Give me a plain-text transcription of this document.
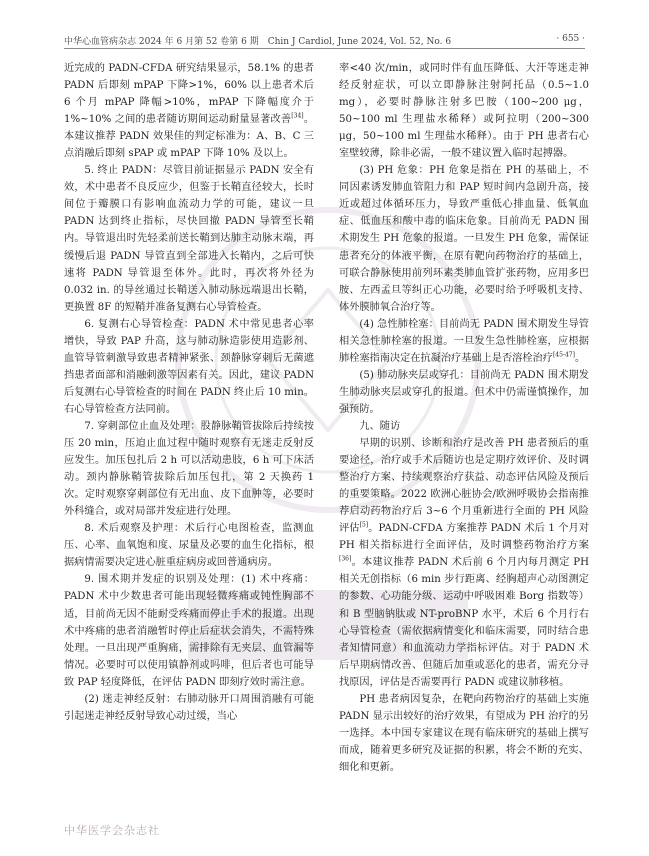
中华心血管病杂志 2024 年 6 月第 52 卷第 6 期　Chin J Cardiol, June 2024, Vol. 52, No. 6	· 655 ·

近完成的 PADN-CFDA 研究结果显示，58.1% 的患者 PADN 后即刻 mPAP 下降>1%，60% 以上患者术后 6 个月 mPAP 降幅>10%，mPAP 下降幅度介于 1%~10% 之间的患者随访期间运动耐量显著改善[34]。本建议推荐 PADN 效果佳的判定标准为：A、B、C 三点消融后即刻 sPAP 或 mPAP 下降 10% 及以上。

5. 终止 PADN：尽管目前证据显示 PADN 安全有效，术中患者不良反应少，但鉴于长鞘直径较大，长时间位于瓣膜口有影响血流动力学的可能，建议一旦 PADN 达到终止指标，尽快回撤 PADN 导管至长鞘内。导管退出时先轻柔前送长鞘到达肺主动脉末端，再缓慢后退 PADN 导管直到全部进入长鞘内，之后可快速将 PADN 导管退至体外。此时，再次将外径为 0.032 in. 的导丝通过长鞘送入肺动脉远端退出长鞘，更换置 8F 的短鞘并准备复测右心导管检查。

6. 复测右心导管检查：PADN 术中常见患者心率增快，导致 PAP 升高，这与肺动脉造影使用造影剂、血管导管刺激导致患者精神紧张、颈静脉穿刺后无菌遮挡患者面部和消融刺激等因素有关。因此，建议 PADN 后复测右心导管检查的时间在 PADN 终止后 10 min。右心导管检查方法同前。

7. 穿刺部位止血及处理：股静脉鞘管拔除后持续按压 20 min，压迫止血过程中随时观察有无迷走反射反应发生。加压包扎后 2 h 可以活动患肢，6 h 可下床活动。颈内静脉鞘管拔除后加压包扎，第 2 天换药 1 次。定时观察穿刺部位有无出血、皮下血肿等，必要时外科缝合，或对局部并发症进行处理。

8. 术后观察及护理：术后行心电图检查，监测血压、心率、血氧饱和度、尿量及必要的血生化指标，根据病情需要决定进心脏重症病房或回普通病房。

9. 围术期并发症的识别及处理：(1) 术中疼痛：PADN 术中少数患者可能出现轻微疼痛或钝性胸部不适，目前尚无因不能耐受疼痛而停止手术的报道。出现术中疼痛的患者消融暂时停止后症状会消失，不需特殊处理。一旦出现严重胸痛，需排除有无夹层、血管漏等情况。必要时可以使用镇静剂或吗啡，但后者也可能导致 PAP 轻度降低，在评估 PADN 即刻疗效时需注意。

(2) 迷走神经反射：右肺动脉开口周围消融有可能引起迷走神经反射导致心动过缓，当心

率<40 次/min，或同时伴有血压降低、大汗等迷走神经反射症状，可以立即静脉注射阿托品（0.5~1.0 mg），必要时静脉注射多巴胺（100~200 μg，50~100 ml 生理盐水稀释）或阿拉明（200~300 μg，50~100 ml 生理盐水稀释）。由于 PH 患者右心室壁较薄，除非必需，一般不建议置入临时起搏器。

(3) PH 危象：PH 危象是指在 PH 的基础上，不同因素诱发肺血管阻力和 PAP 短时间内急剧升高，接近或超过体循环压力，导致严重低心排血量、低氧血症、低血压和酸中毒的临床危象。目前尚无 PADN 围术期发生 PH 危象的报道。一旦发生 PH 危象，需保证患者充分的体液平衡，在原有靶向药物治疗的基础上，可联合静脉使用前列环素类肺血管扩张药物，应用多巴胺、左西孟旦等纠正心功能，必要时给予呼吸机支持、体外膜肺氧合治疗等。

(4) 急性肺栓塞：目前尚无 PADN 围术期发生导管相关急性肺栓塞的报道。一旦发生急性肺栓塞，应根据肺栓塞指南决定在抗凝治疗基础上是否溶栓治疗[45-47]。

(5) 肺动脉夹层或穿孔：目前尚无 PADN 围术期发生肺动脉夹层或穿孔的报道。但术中仍需谨慎操作，加强预防。

九、随访

早期的识别、诊断和治疗是改善 PH 患者预后的重要途径，治疗或手术后随访也是定期疗效评价、及时调整治疗方案、持续观察治疗获益、动态评估风险及预后的重要策略。2022 欧洲心脏协会/欧洲呼吸协会指南推荐启动药物治疗后 3~6 个月重新进行全面的 PH 风险评估[5]。PADN-CFDA 方案推荐 PADN 术后 1 个月对 PH 相关指标进行全面评估，及时调整药物治疗方案[36]。本建议推荐 PADN 术后前 6 个月内每月测定 PH 相关无创指标（6 min 步行距离、经胸超声心动图测定的参数、心功能分级、运动中呼吸困难 Borg 指数等）和 B 型脑钠肽或 NT-proBNP 水平，术后 6 个月行右心导管检查（需依据病情变化和临床需要，同时结合患者知情同意）和血流动力学指标评估。对于 PADN 术后早期病情改善、但随后加重或恶化的患者，需充分寻找原因，评估是否需要再行 PADN 或建议肺移植。

PH 患者病因复杂，在靶向药物治疗的基础上实施 PADN 显示出较好的治疗效果，有望成为 PH 治疗的另一选择。本中国专家建议在现有临床研究的基础上撰写而成，随着更多研究及证据的积累，将会不断的充实、细化和更新。

中华医学会杂志社
